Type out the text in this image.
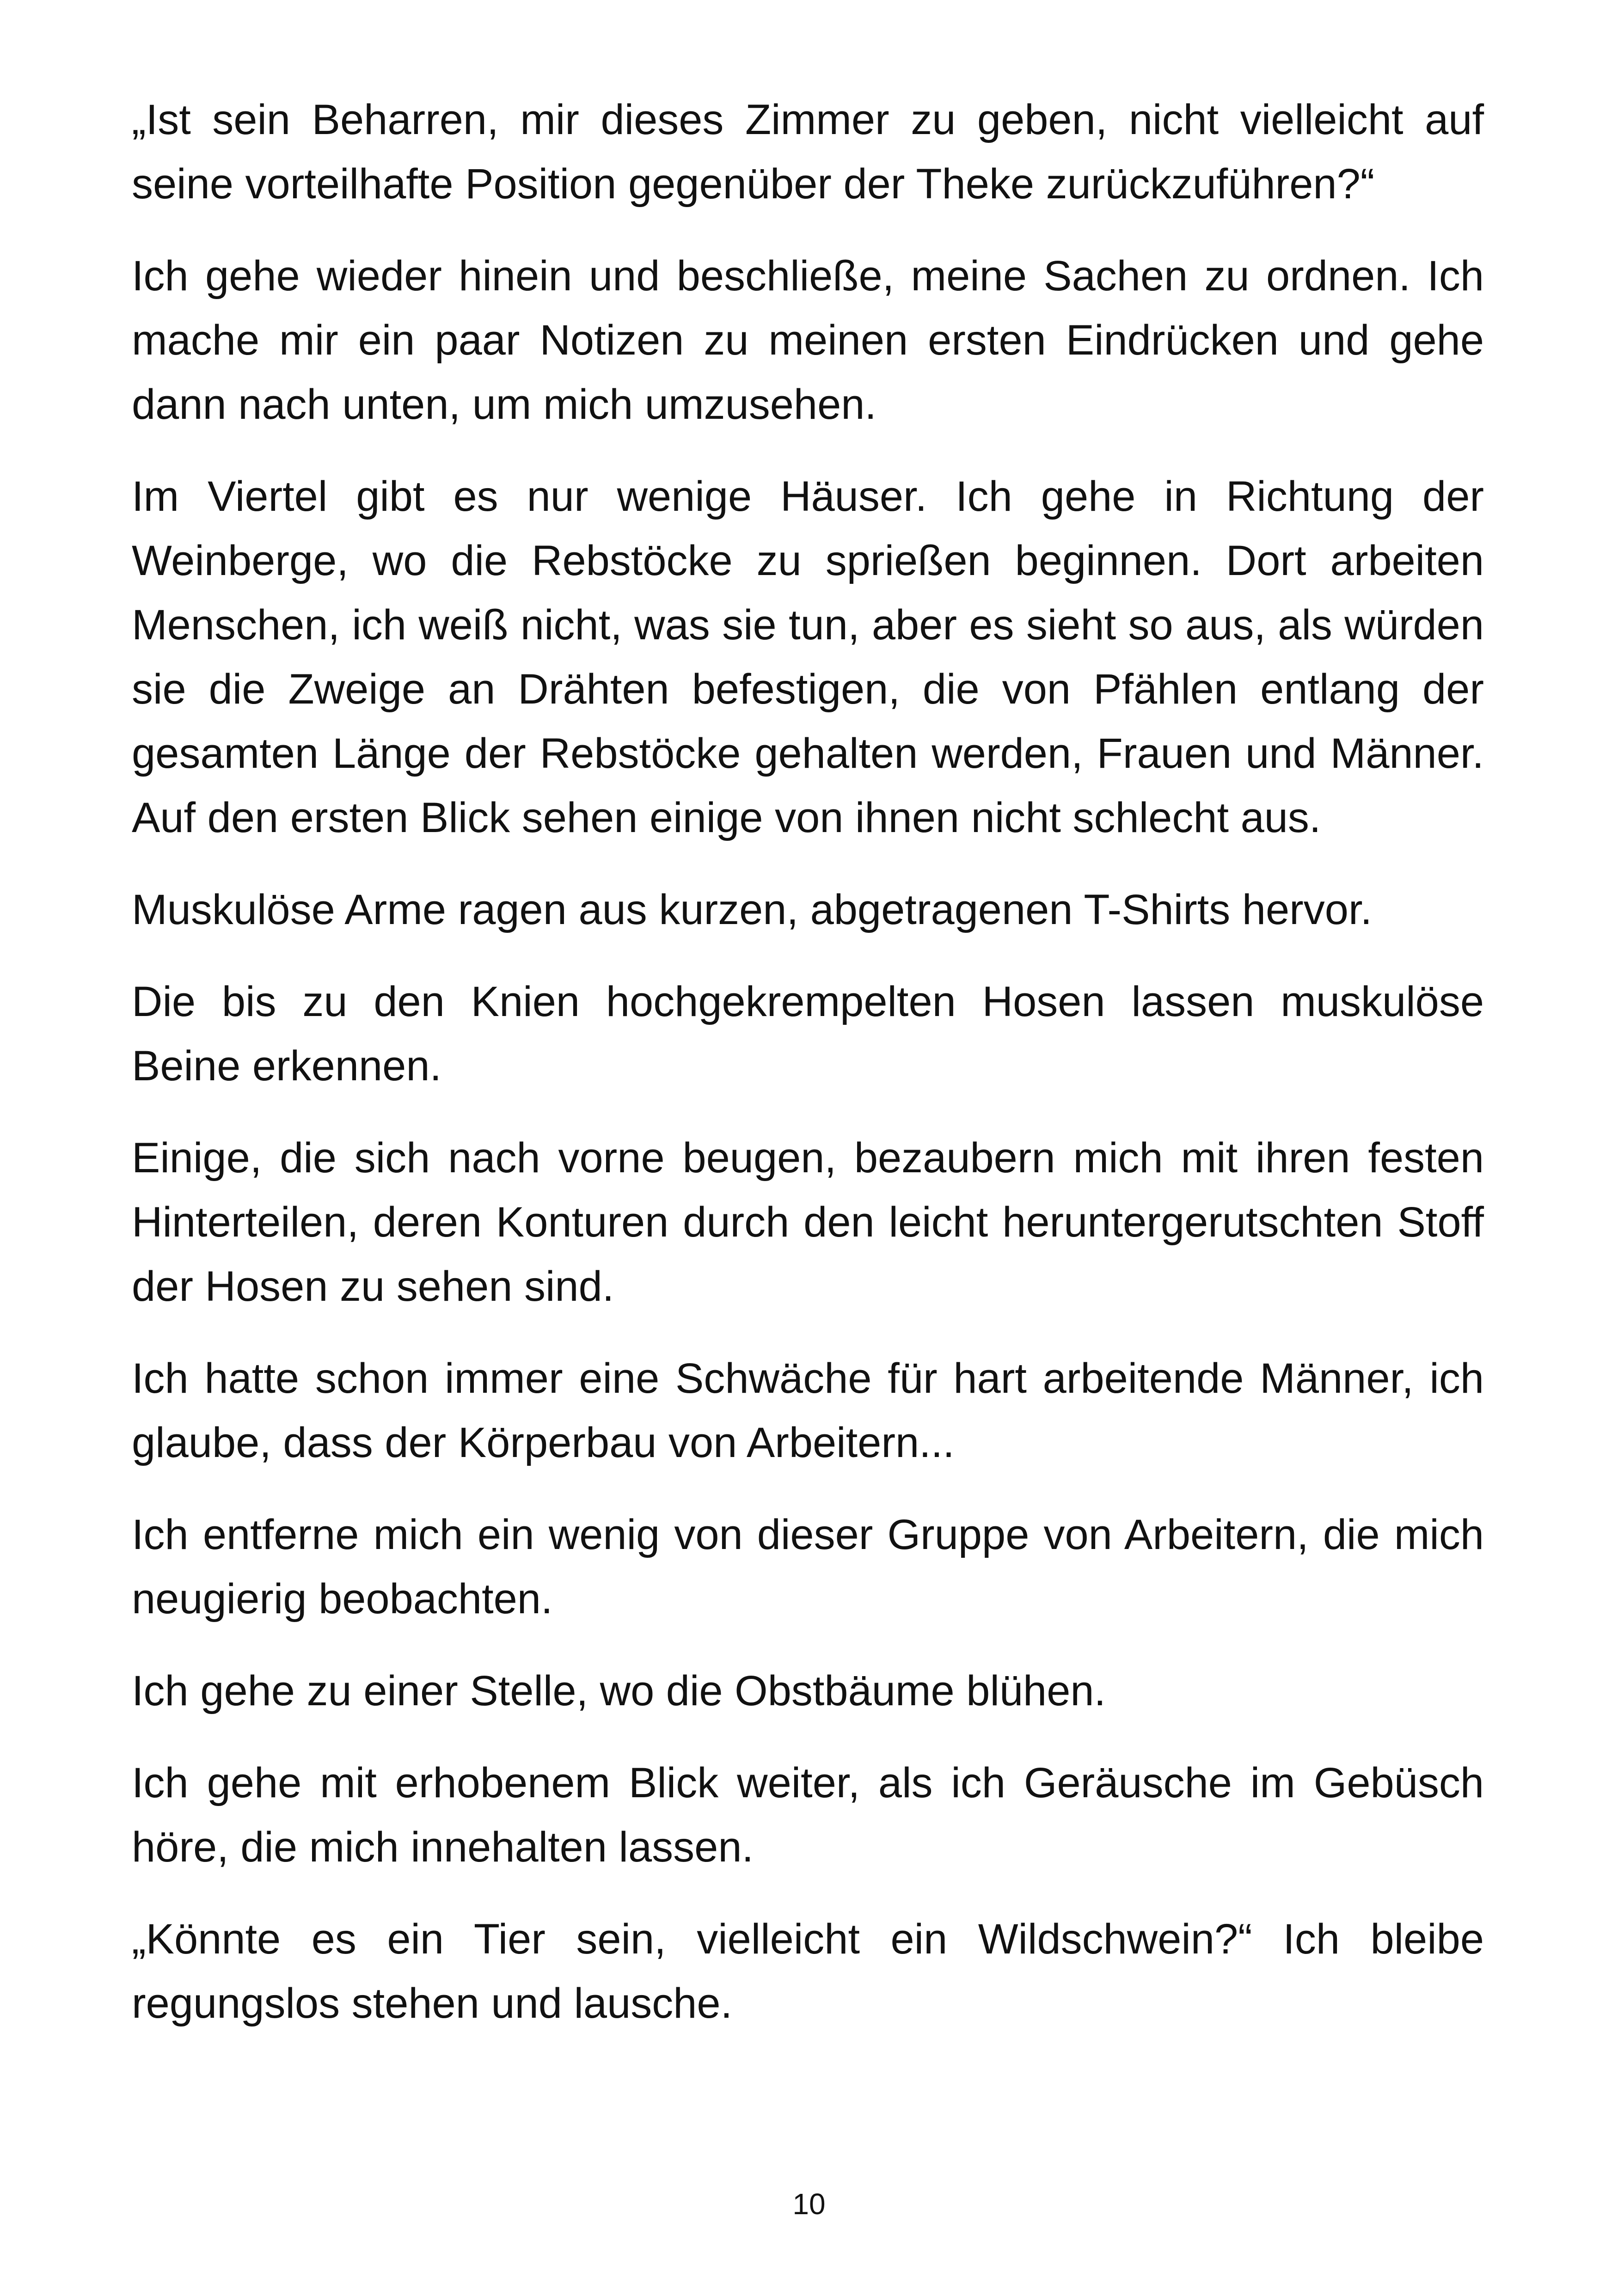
„Ist sein Beharren, mir dieses Zimmer zu geben, nicht vielleicht auf seine vorteilhafte Position gegenüber der Theke zurückzuführen?“

Ich gehe wieder hinein und beschließe, meine Sachen zu ordnen. Ich mache mir ein paar Notizen zu meinen ersten Eindrücken und gehe dann nach unten, um mich umzusehen.

Im Viertel gibt es nur wenige Häuser. Ich gehe in Richtung der Weinberge, wo die Rebstöcke zu sprießen beginnen. Dort arbeiten Menschen, ich weiß nicht, was sie tun, aber es sieht so aus, als würden sie die Zweige an Drähten befestigen, die von Pfählen entlang der gesamten Länge der Rebstöcke gehalten werden, Frauen und Männer. Auf den ersten Blick sehen einige von ihnen nicht schlecht aus.

Muskulöse Arme ragen aus kurzen, abgetragenen T-Shirts hervor.

Die bis zu den Knien hochgekrempelten Hosen lassen muskulöse Beine erkennen.

Einige, die sich nach vorne beugen, bezaubern mich mit ihren festen Hinterteilen, deren Konturen durch den leicht heruntergerutschten Stoff der Hosen zu sehen sind.

Ich hatte schon immer eine Schwäche für hart arbeitende Männer, ich glaube, dass der Körperbau von Arbeitern...

Ich entferne mich ein wenig von dieser Gruppe von Arbeitern, die mich neugierig beobachten.

Ich gehe zu einer Stelle, wo die Obstbäume blühen.

Ich gehe mit erhobenem Blick weiter, als ich Geräusche im Gebüsch höre, die mich innehalten lassen.

„Könnte es ein Tier sein, vielleicht ein Wildschwein?“ Ich bleibe regungslos stehen und lausche.

10
